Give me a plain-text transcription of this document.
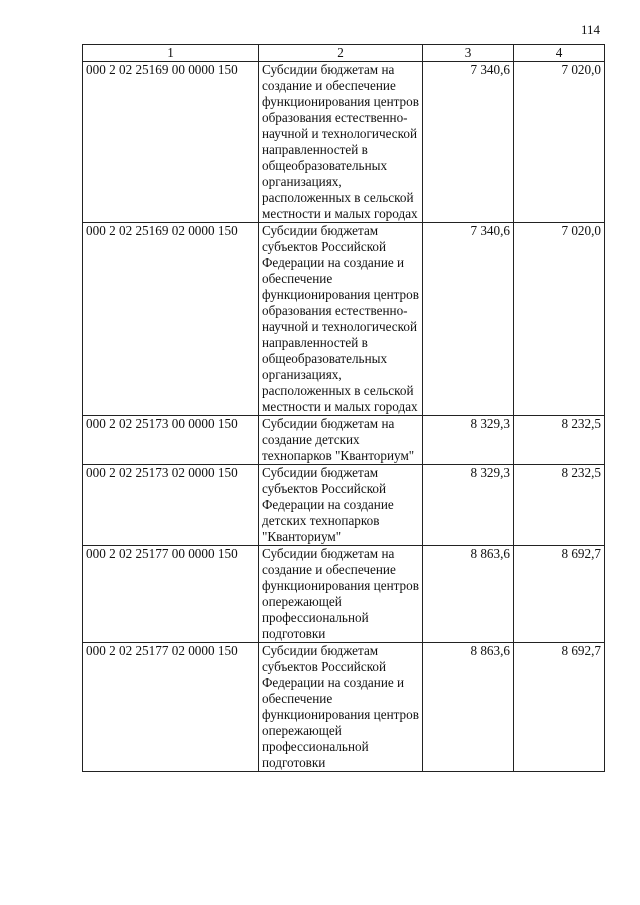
114
1	2	3	4
000 2 02 25169 00 0000 150	Субсидии бюджетам на создание и обеспечение функционирования центров образования естественно-научной и технологической направленностей в общеобразовательных организациях, расположенных в сельской местности и малых городах	7 340,6	7 020,0
000 2 02 25169 02 0000 150	Субсидии бюджетам субъектов Российской Федерации на создание и обеспечение функционирования центров образования естественно-научной и технологической направленностей в общеобразовательных организациях, расположенных в сельской местности и малых городах	7 340,6	7 020,0
000 2 02 25173 00 0000 150	Субсидии бюджетам на создание детских технопарков "Кванториум"	8 329,3	8 232,5
000 2 02 25173 02 0000 150	Субсидии бюджетам субъектов Российской Федерации на создание детских технопарков "Кванториум"	8 329,3	8 232,5
000 2 02 25177 00 0000 150	Субсидии бюджетам на создание и обеспечение функционирования центров опережающей профессиональной подготовки	8 863,6	8 692,7
000 2 02 25177 02 0000 150	Субсидии бюджетам субъектов Российской Федерации на создание и обеспечение функционирования центров опережающей профессиональной подготовки	8 863,6	8 692,7
